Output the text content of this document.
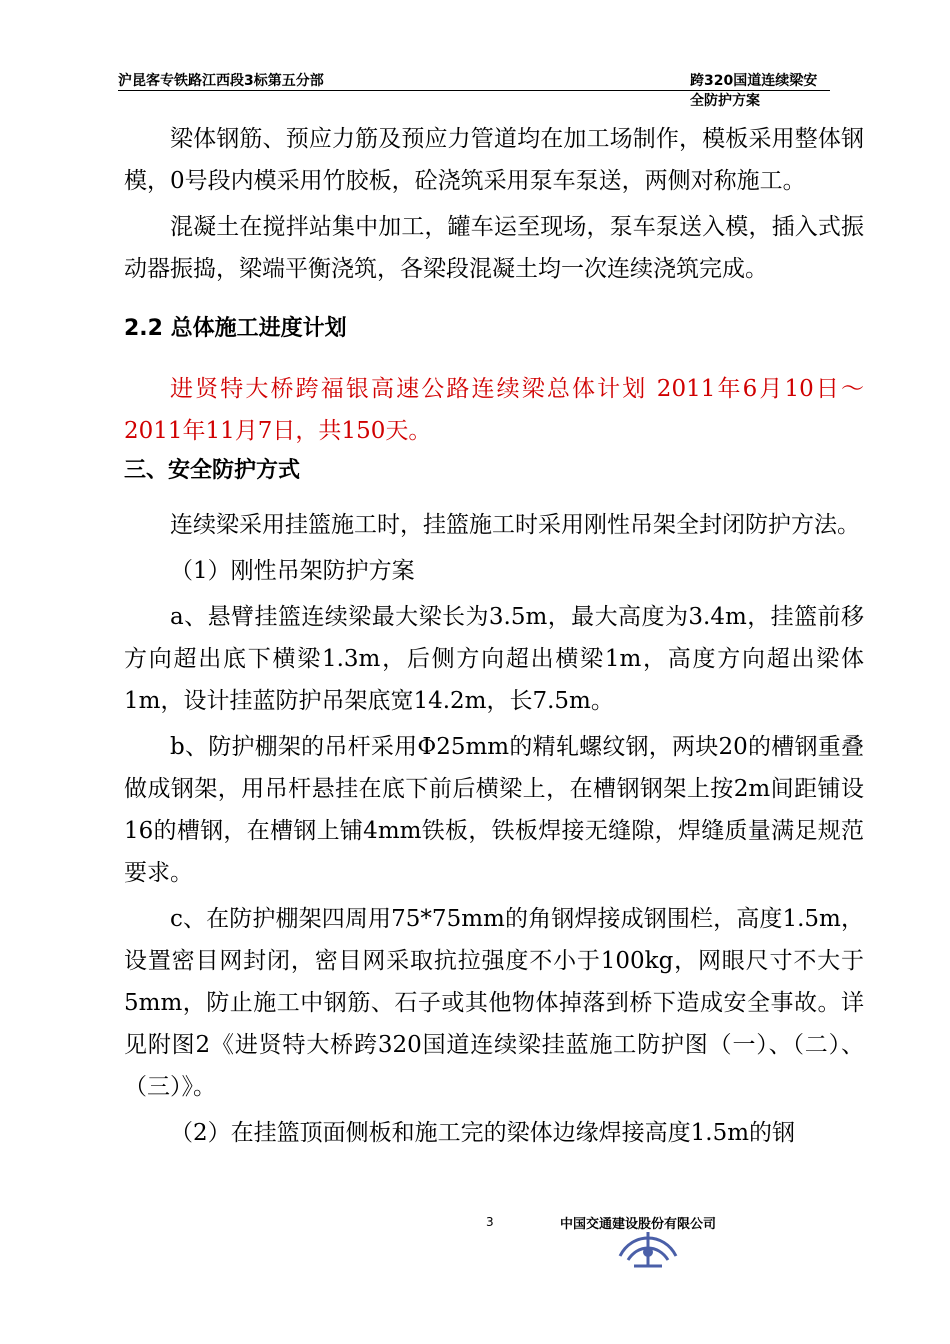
沪昆客专铁路江西段3标第五分部	跨320国道连续梁安全防护方案

梁体钢筋、预应力筋及预应力管道均在加工场制作，模板采用整体钢模，0号段内模采用竹胶板，砼浇筑采用泵车泵送，两侧对称施工。

混凝土在搅拌站集中加工，罐车运至现场，泵车泵送入模，插入式振动器振捣，梁端平衡浇筑，各梁段混凝土均一次连续浇筑完成。

2.2 总体施工进度计划

进贤特大桥跨福银高速公路连续梁总体计划 2011年6月10日～2011年11月7日，共150天。

三、安全防护方式

连续梁采用挂篮施工时，挂篮施工时采用刚性吊架全封闭防护方法。

（1）刚性吊架防护方案

a、悬臂挂篮连续梁最大梁长为3.5m，最大高度为3.4m，挂篮前移方向超出底下横梁1.3m，后侧方向超出横梁1m，高度方向超出梁体1m，设计挂蓝防护吊架底宽14.2m，长7.5m。

b、防护棚架的吊杆采用Φ25mm的精轧螺纹钢，两块20的槽钢重叠做成钢架，用吊杆悬挂在底下前后横梁上，在槽钢钢架上按2m间距铺设16的槽钢，在槽钢上铺4mm铁板，铁板焊接无缝隙，焊缝质量满足规范要求。

c、在防护棚架四周用75*75mm的角钢焊接成钢围栏，高度1.5m，设置密目网封闭，密目网采取抗拉强度不小于100kg，网眼尺寸不大于5mm，防止施工中钢筋、石子或其他物体掉落到桥下造成安全事故。详见附图2《进贤特大桥跨320国道连续梁挂蓝施工防护图（一）、（二）、（三）》。

（2）在挂篮顶面侧板和施工完的梁体边缘焊接高度1.5m的钢

3	中国交通建设股份有限公司
